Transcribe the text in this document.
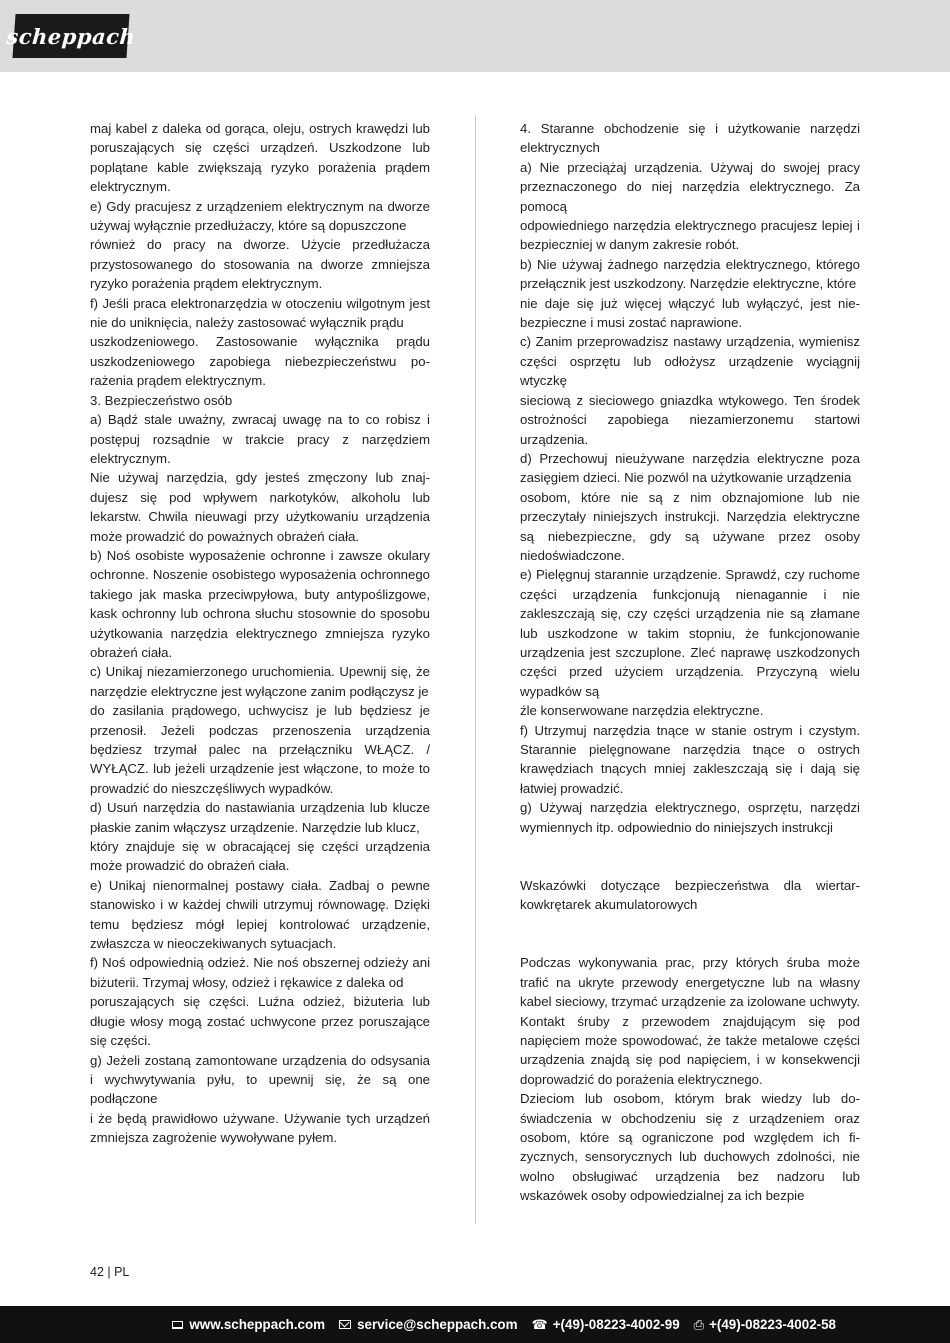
scheppach

maj kabel z daleka od gorąca, oleju, ostrych krawędzi lub poruszających się części urządzeń. Uszkodzone lub poplątane kable zwiększają ryzyko porażenia prądem elektrycznym.

e) Gdy pracujesz z urządzeniem elektrycznym na dworze używaj wyłącznie przedłużaczy, które są dopuszczone

również do pracy na dworze. Użycie przedłużacza przystosowanego do stosowania na dworze zmniejsza ryzyko porażenia prądem elektrycznym.

f) Jeśli praca elektronarzędzia w otoczeniu wilgotnym jest nie do uniknięcia, należy zastosować wyłącznik prądu

uszkodzeniowego. Zastosowanie wyłącznika prądu uszkodzeniowego zapobiega niebezpieczeństwu porażenia prądem elektrycznym.

3. Bezpieczeństwo osób

a) Bądź stale uważny, zwracaj uwagę na to co robisz i postępuj rozsądnie w trakcie pracy z narzędziem elektrycznym.

Nie używaj narzędzia, gdy jesteś zmęczony lub znajdujesz się pod wpływem narkotyków, alkoholu lub lekarstw. Chwila nieuwagi przy użytkowaniu urządzenia może prowadzić do poważnych obrażeń ciała.

b) Noś osobiste wyposażenie ochronne i zawsze okulary ochronne. Noszenie osobistego wyposażenia ochronnego takiego jak maska przeciwpyłowa, buty antypoślizgowe, kask ochronny lub ochrona słuchu stosownie do sposobu użytkowania narzędzia elektrycznego zmniejsza ryzyko obrażeń ciała.

c) Unikaj niezamierzonego uruchomienia. Upewnij się, że narzędzie elektryczne jest wyłączone zanim podłączysz je

do zasilania prądowego, uchwycisz je lub będziesz je przenosił. Jeżeli podczas przenoszenia urządzenia będziesz trzymał palec na przełączniku WŁĄCZ. / WYŁĄCZ. lub jeżeli urządzenie jest włączone, to może to prowadzić do nieszczęśliwych wypadków.

d) Usuń narzędzia do nastawiania urządzenia lub klucze płaskie zanim włączysz urządzenie. Narzędzie lub klucz,

który znajduje się w obracającej się części urządzenia może prowadzić do obrażeń ciała.

e) Unikaj nienormalnej postawy ciała. Zadbaj o pewne stanowisko i w każdej chwili utrzymuj równowagę. Dzięki temu będziesz mógł lepiej kontrolować urządzenie, zwłaszcza w nieoczekiwanych sytuacjach.

f) Noś odpowiednią odzież. Nie noś obszernej odzieży ani biżuterii. Trzymaj włosy, odzież i rękawice z daleka od

poruszających się części. Luźna odzież, biżuteria lub długie włosy mogą zostać uchwycone przez poruszające się części.

g) Jeżeli zostaną zamontowane urządzenia do odsysania i wychwytywania pyłu, to upewnij się, że są one podłączone

i że będą prawidłowo używane. Używanie tych urządzeń zmniejsza zagrożenie wywoływane pyłem.

4. Staranne obchodzenie się i użytkowanie narzędzi elektrycznych

a) Nie przeciążaj urządzenia. Używaj do swojej pracy przeznaczonego do niej narzędzia elektrycznego. Za pomocą

odpowiedniego narzędzia elektrycznego pracujesz lepiej i bezpieczniej w danym zakresie robót.

b) Nie używaj żadnego narzędzia elektrycznego, którego przełącznik jest uszkodzony. Narzędzie elektryczne, które

nie daje się już więcej włączyć lub wyłączyć, jest niebezpieczne i musi zostać naprawione.

c) Zanim przeprowadzisz nastawy urządzenia, wymienisz części osprzętu lub odłożysz urządzenie wyciągnij wtyczkę

sieciową z sieciowego gniazdka wtykowego. Ten środek ostrożności zapobiega niezamierzonemu startowi urządzenia.

d) Przechowuj nieużywane narzędzia elektryczne poza zasięgiem dzieci. Nie pozwól na użytkowanie urządzenia

osobom, które nie są z nim obznajomione lub nie przeczytały niniejszych instrukcji. Narzędzia elektryczne są niebezpieczne, gdy są używane przez osoby niedoświadczone.

e) Pielęgnuj starannie urządzenie. Sprawdź, czy ruchome części urządzenia funkcjonują nienagannie i nie zakleszczają się, czy części urządzenia nie są złamane lub uszkodzone w takim stopniu, że funkcjonowanie urządzenia jest szczuplone. Zleć naprawę uszkodzonych części przed użyciem urządzenia. Przyczyną wielu wypadków są

źle konserwowane narzędzia elektryczne.

f) Utrzymuj narzędzia tnące w stanie ostrym i czystym. Starannie pielęgnowane narzędzia tnące o ostrych krawędziach tnących mniej zakleszczają się i dają się łatwiej prowadzić.

g) Używaj narzędzia elektrycznego, osprzętu, narzędzi wymiennych itp. odpowiednio do niniejszych instrukcji

Wskazówki dotyczące bezpieczeństwa dla wiertarkowkrętarek akumulatorowych

Podczas wykonywania prac, przy których śruba może trafić na ukryte przewody energetyczne lub na własny kabel sieciowy, trzymać urządzenie za izolowane uchwyty. Kontakt śruby z przewodem znajdującym się pod napięciem może spowodować, że także metalowe części urządzenia znajdą się pod napięciem, i w konsekwencji doprowadzić do porażenia elektrycznego.

Dzieciom lub osobom, którym brak wiedzy lub doświadczenia w obchodzeniu się z urządzeniem oraz osobom, które są ograniczone pod względem ich fizycznych, sensorycznych lub duchowych zdolności, nie wolno obsługiwać urządzenia bez nadzoru lub wskazówek osoby odpowiedzialnej za ich bezpie

42 | PL
www.scheppach.com service@scheppach.com ☎ +(49)-08223-4002-99 ⎙ +(49)-08223-4002-58
